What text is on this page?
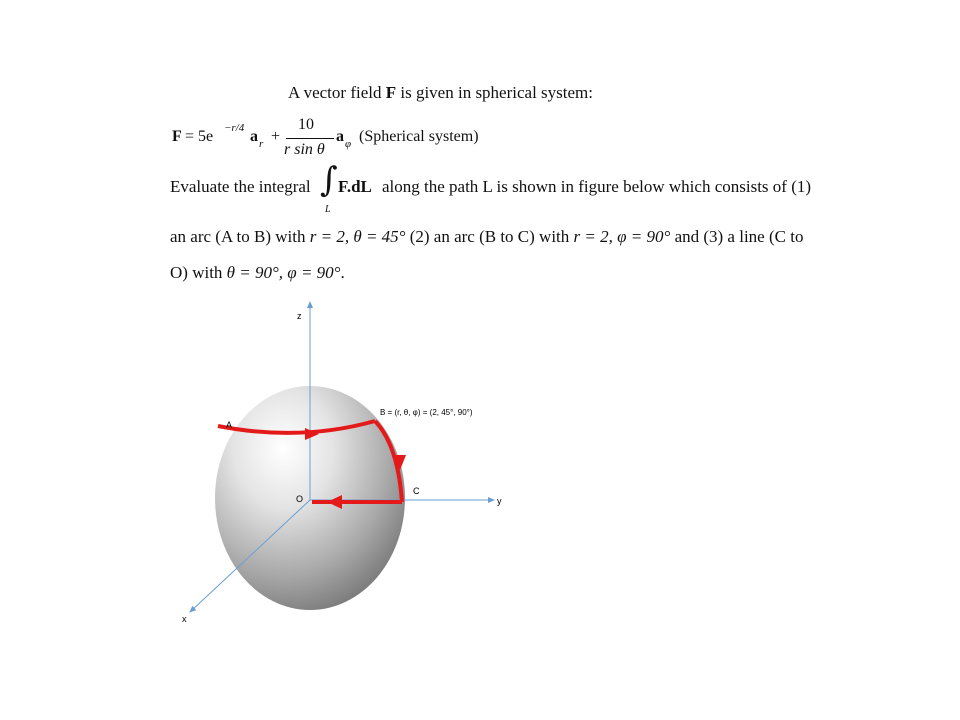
A vector field F is given in spherical system:
F = 5e −r/4 a r +
10
r sin θ
a φ (Spherical system)
Evaluate the integral ∫
L
F.dL along the path L is shown in figure below which consists of (1)
an arc (A to B) with r = 2, θ = 45° (2) an arc (B to C) with r = 2, φ = 90° and (3) a line (C to
O) with θ = 90°, φ = 90°.
z
y
x
A
B = (r, θ, φ) = (2, 45°, 90°)
C
O
